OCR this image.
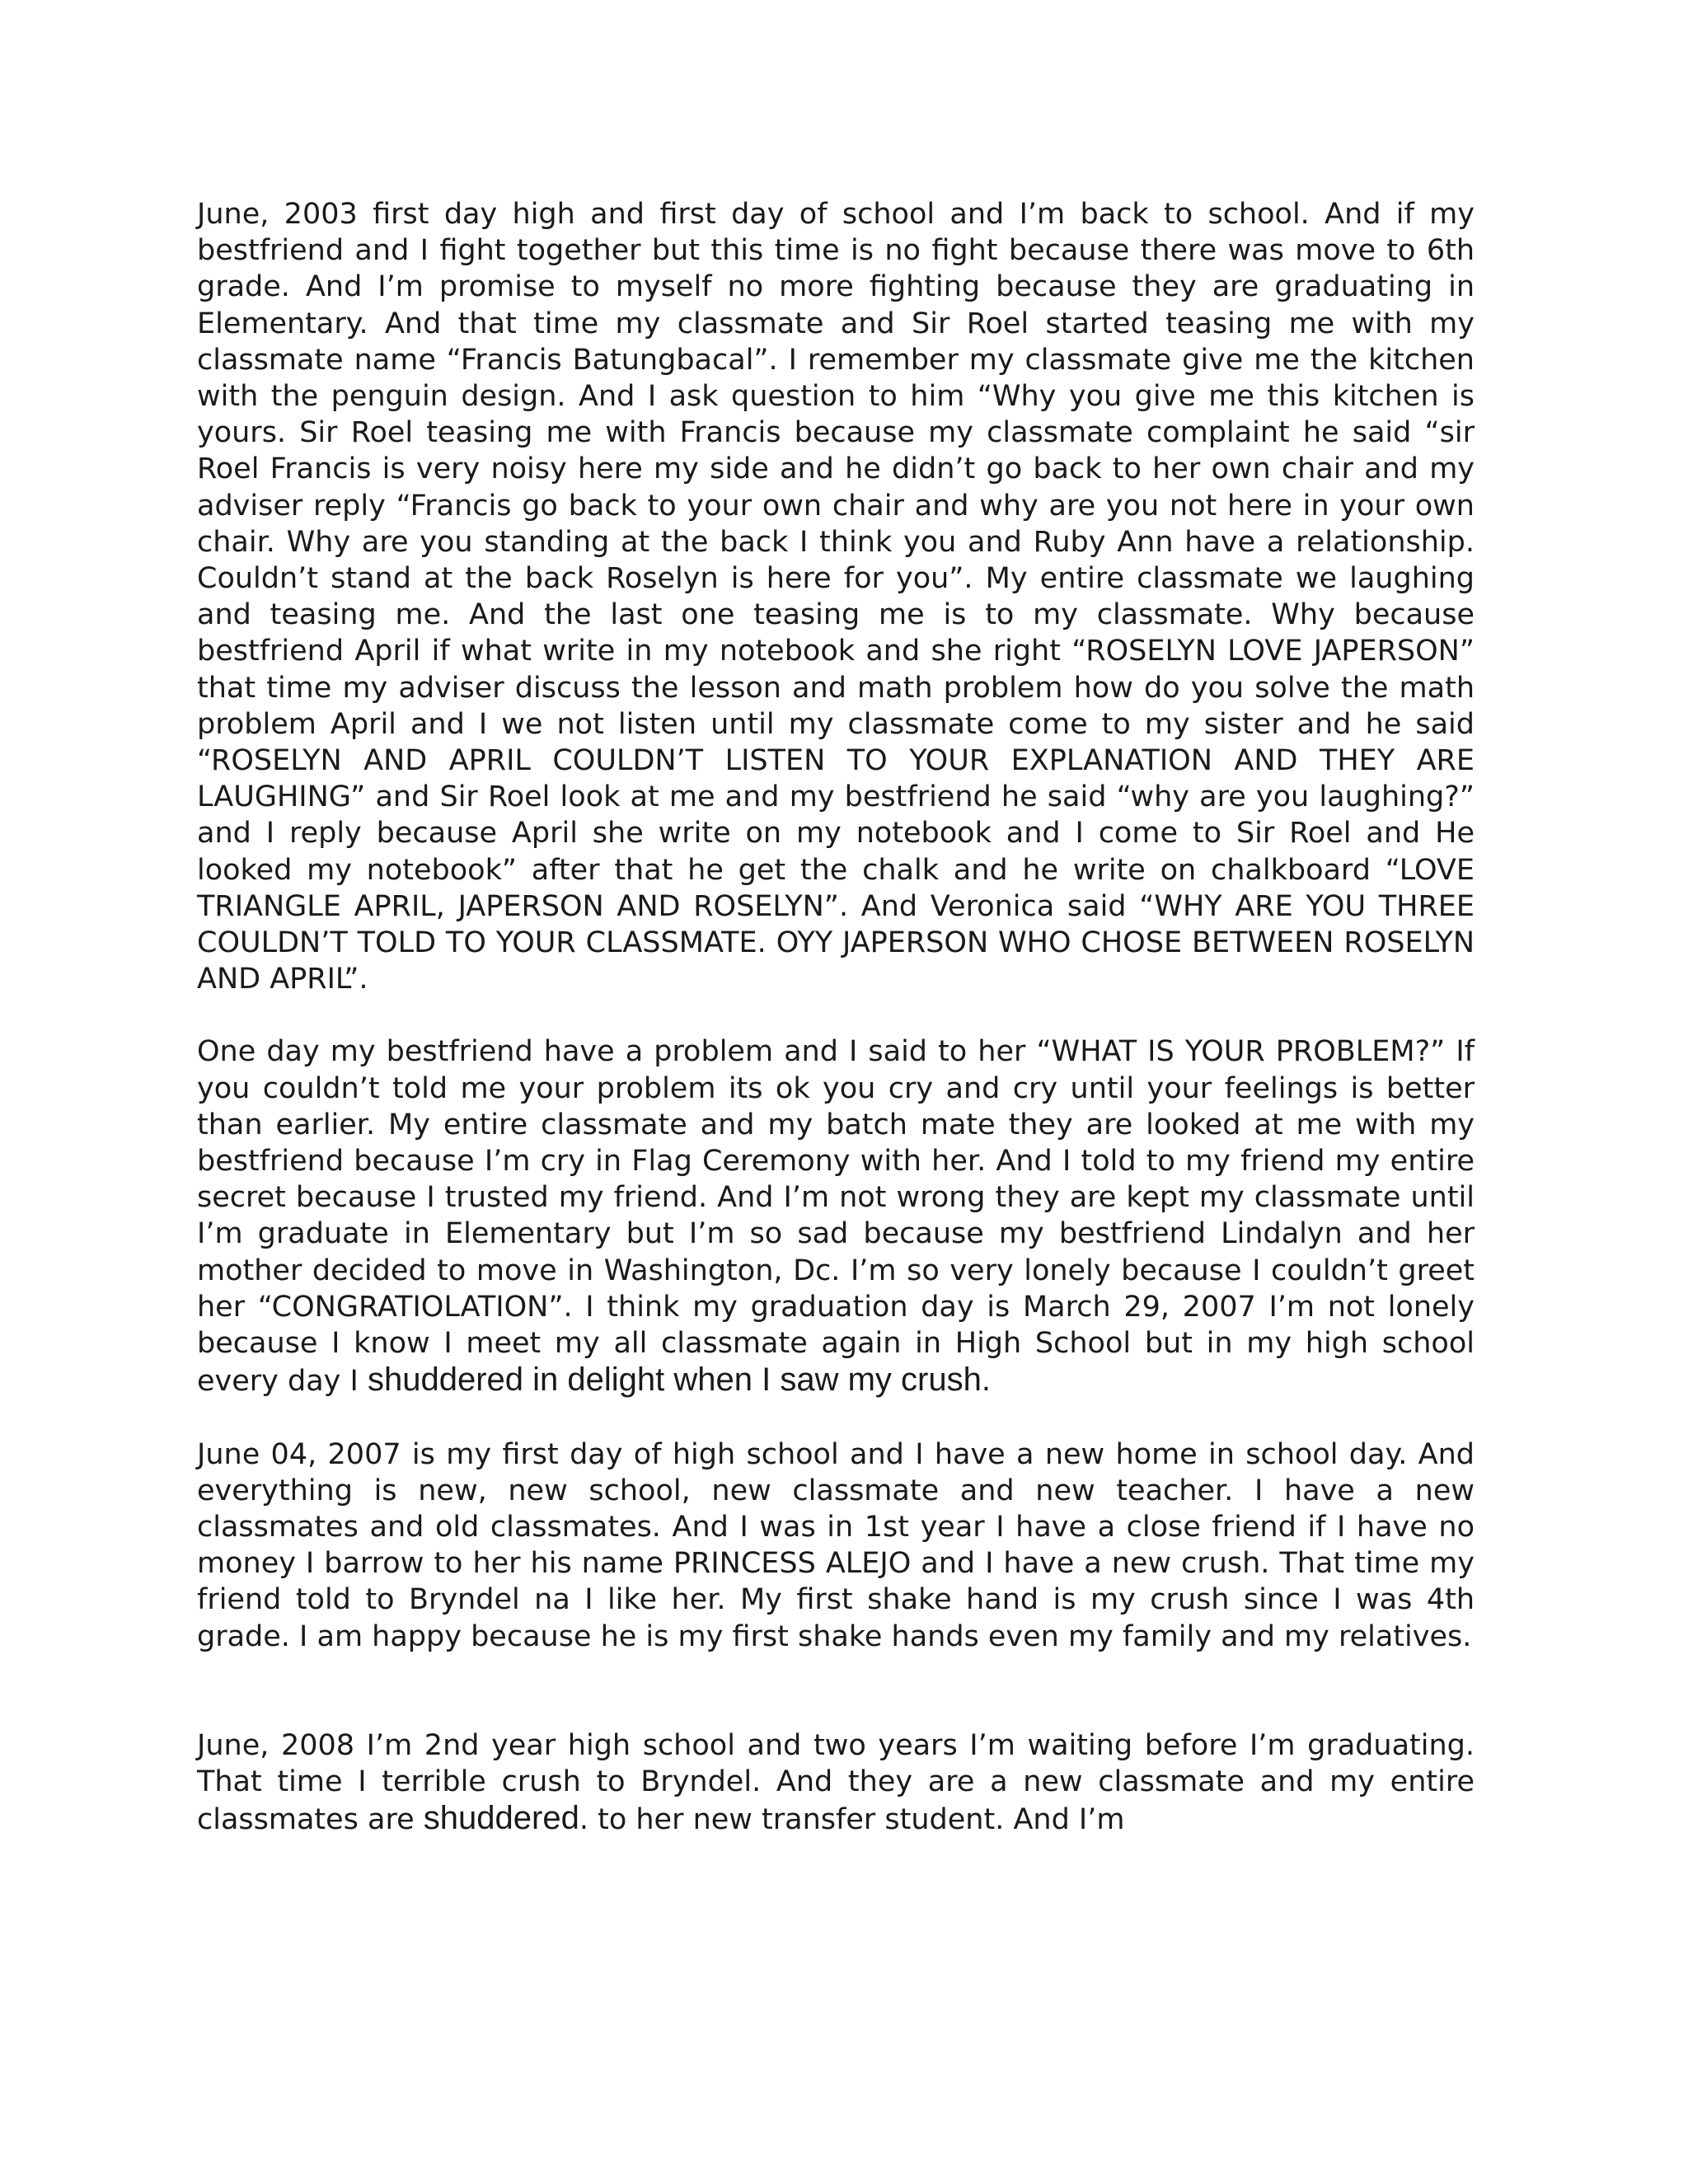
June, 2003 first day high and first day of school and I’m back to school. And if my bestfriend and I fight together but this time is no fight because there was move to 6th grade. And I’m promise to myself no more fighting because they are graduating in Elementary. And that time my classmate and Sir Roel started teasing me with my classmate name “Francis Batungbacal”. I remember my classmate give me the kitchen with the penguin design. And I ask question to him “Why you give me this kitchen is yours. Sir Roel teasing me with Francis because my classmate complaint he said “sir Roel Francis is very noisy here my side and he didn’t go back to her own chair and my adviser reply “Francis go back to your own chair and why are you not here in your own chair. Why are you standing at the back I think you and Ruby Ann have a relationship. Couldn’t stand at the back Roselyn is here for you”. My entire classmate we laughing and teasing me. And the last one teasing me is to my classmate. Why because bestfriend April if what write in my notebook and she right “ROSELYN LOVE JAPERSON” that time my adviser discuss the lesson and math problem how do you solve the math problem April and I we not listen until my classmate come to my sister and he said “ROSELYN AND APRIL COULDN’T LISTEN TO YOUR EXPLANATION AND THEY ARE LAUGHING” and Sir Roel look at me and my bestfriend he said “why are you laughing?” and I reply because April she write on my notebook and I come to Sir Roel and He looked my notebook” after that he get the chalk and he write on chalkboard “LOVE TRIANGLE APRIL, JAPERSON AND ROSELYN”. And Veronica said “WHY ARE YOU THREE COULDN’T TOLD TO YOUR CLASSMATE. OYY JAPERSON WHO CHOSE BETWEEN ROSELYN AND APRIL”.

One day my bestfriend have a problem and I said to her “WHAT IS YOUR PROBLEM?” If you couldn’t told me your problem its ok you cry and cry until your feelings is better than earlier. My entire classmate and my batch mate they are looked at me with my bestfriend because I’m cry in Flag Ceremony with her. And I told to my friend my entire secret because I trusted my friend. And I’m not wrong they are kept my classmate until I’m graduate in Elementary but I’m so sad because my bestfriend Lindalyn and her mother decided to move in Washington, Dc. I’m so very lonely because I couldn’t greet her “CONGRATIOLATION”. I think my graduation day is March 29, 2007 I’m not lonely because I know I meet my all classmate again in High School but in my high school every day I shuddered in delight when I saw my crush.

June 04, 2007 is my first day of high school and I have a new home in school day. And everything is new, new school, new classmate and new teacher. I have a new classmates and old classmates. And I was in 1st year I have a close friend if I have no money I barrow to her his name PRINCESS ALEJO and I have a new crush. That time my friend told to Bryndel na I like her. My first shake hand is my crush since I was 4th grade. I am happy because he is my first shake hands even my family and my relatives.

June, 2008 I’m 2nd year high school and two years I’m waiting before I’m graduating. That time I terrible crush to Bryndel. And they are a new classmate and my entire classmates are shuddered. to her new transfer student. And I’m
